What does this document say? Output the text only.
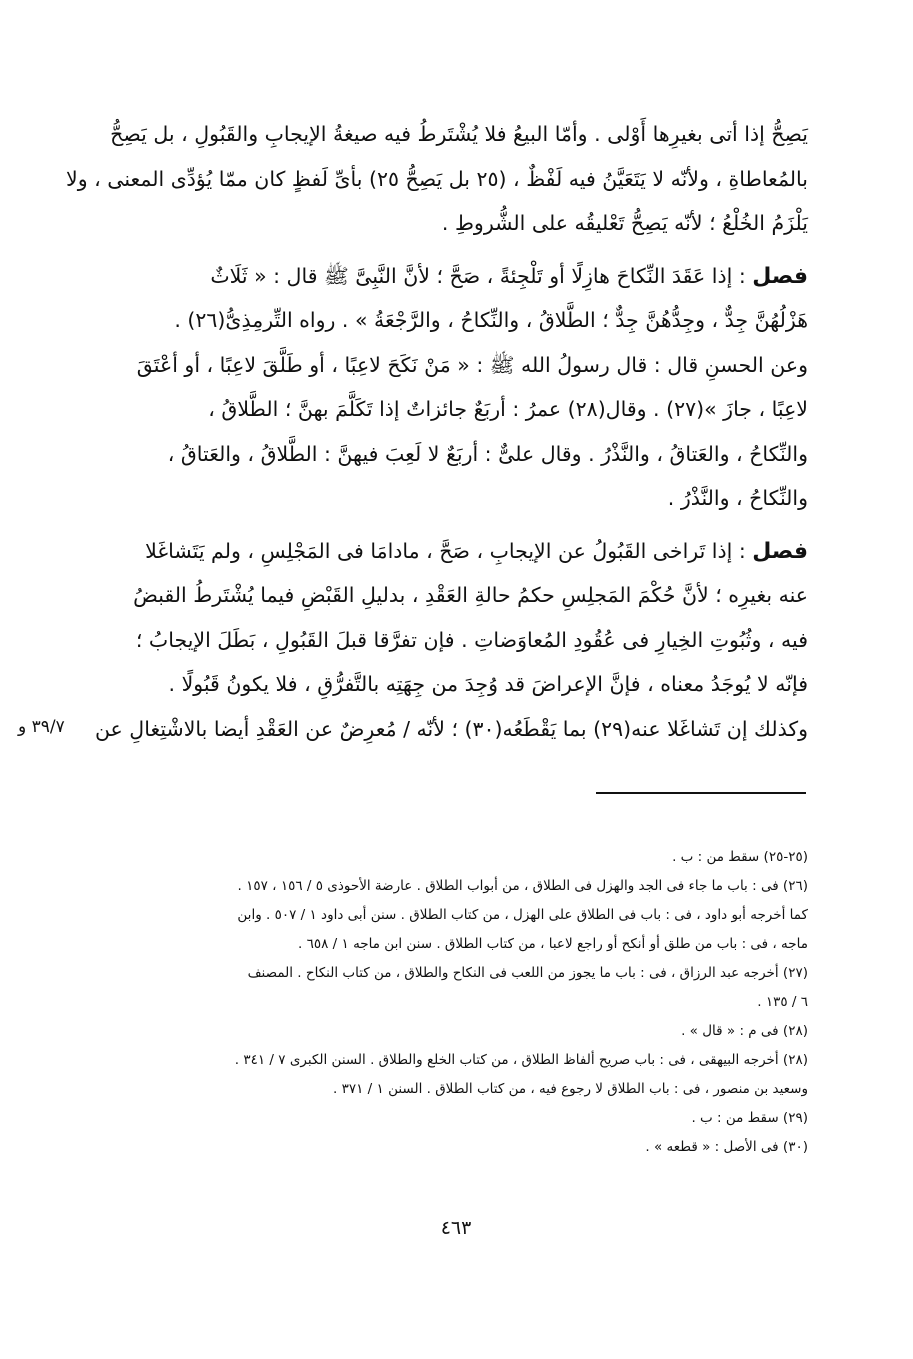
يَصِحُّ إذا أتى بغيرِها أَوْلى . وأمّا البيعُ فلا يُشْتَرطُ فيه صيغةُ الإيجابِ والقَبُولِ ، بل يَصِحُّ
بالمُعاطاةِ ، ولأنّه لا يَتَعَيَّنُ فيه لَفْظٌ ، (٢٥ بل يَصِحُّ ٢٥) بأىِّ لَفظٍ كان ممّا يُؤدِّى المعنى ، ولا
يَلْزَمُ الخُلْعُ ؛ لأنّه يَصِحُّ تَعْليقُه على الشُّروطِ .
فصل : إذا عَقَدَ النِّكاحَ هازِلًا أو تَلْجِئةً ، صَحَّ ؛ لأنَّ النَّبِىَّ ﷺ قال : « ثَلَاثٌ
هَزْلُهُنَّ جِدٌّ ، وجِدُّهُنَّ جِدٌّ ؛ الطَّلاقُ ، والنِّكاحُ ، والرَّجْعَةُ » . رواه التِّرمِذِىُّ(٢٦) .
وعن الحسنِ قال : قال رسولُ الله ﷺ : « مَنْ نَكَحَ لاعِبًا ، أو طَلَّقَ لاعِبًا ، أو أعْتَقَ
لاعِبًا ، جازَ »(٢٧) . وقال(٢٨) عمرُ : أربَعٌ جائزاتٌ إذا تَكَلَّمَ بهنَّ ؛ الطَّلاقُ ،
والنِّكاحُ ، والعَتاقُ ، والنَّذْرُ . وقال علىٌّ : أربَعٌ لا لَعِبَ فيهنَّ : الطَّلاقُ ، والعَتاقُ ،
والنِّكاحُ ، والنَّذْرُ .
فصل : إذا تَراخى القَبُولُ عن الإيجابِ ، صَحَّ ، مادامَا فى المَجْلِسِ ، ولم يَتَشاغَلا
عنه بغيرِه ؛ لأنَّ حُكْمَ المَجلِسِ حكمُ حالةِ العَقْدِ ، بدليلِ القَبْضِ فيما يُشْتَرطُ القبضُ
فيه ، وثُبُوتِ الخِيارِ فى عُقُودِ المُعاوَضاتِ . فإن تفرَّقا قبلَ القَبُولِ ، بَطَلَ الإيجابُ ؛
فإنّه لا يُوجَدُ معناه ، فإنَّ الإعراضَ قد وُجِدَ من جِهَتِه بالتَّفرُّقِ ، فلا يكونُ قَبُولًا .
وكذلك إن تَشاغَلا عنه(٢٩) بما يَقْطَعُه(٣٠) ؛ لأنّه / مُعرِضٌ عن العَقْدِ أيضا بالاشْتِغالِ عن
٣٩/٧ و
(٢٥-٢٥) سقط من : ب .
(٢٦) فى : باب ما جاء فى الجد والهزل فى الطلاق ، من أبواب الطلاق . عارضة الأحوذى ٥ / ١٥٦ ، ١٥٧ .
كما أخرجه أبو داود ، فى : باب فى الطلاق على الهزل ، من كتاب الطلاق . سنن أبى داود ١ / ٥٠٧ . وابن
ماجه ، فى : باب من طلق أو أنكح أو راجع لاعبا ، من كتاب الطلاق . سنن ابن ماجه ١ / ٦٥٨ .
(٢٧) أخرجه عبد الرزاق ، فى : باب ما يجوز من اللعب فى النكاح والطلاق ، من كتاب النكاح . المصنف
٦ / ١٣٥ .
(٢٨) فى م : « قال » .
(٢٨) أخرجه البيهقى ، فى : باب صريح ألفاظ الطلاق ، من كتاب الخلع والطلاق . السنن الكبرى ٧ / ٣٤١ .
وسعيد بن منصور ، فى : باب الطلاق لا رجوع فيه ، من كتاب الطلاق . السنن ١ / ٣٧١ .
(٢٩) سقط من : ب .
(٣٠) فى الأصل : « قطعه » .
٤٦٣
